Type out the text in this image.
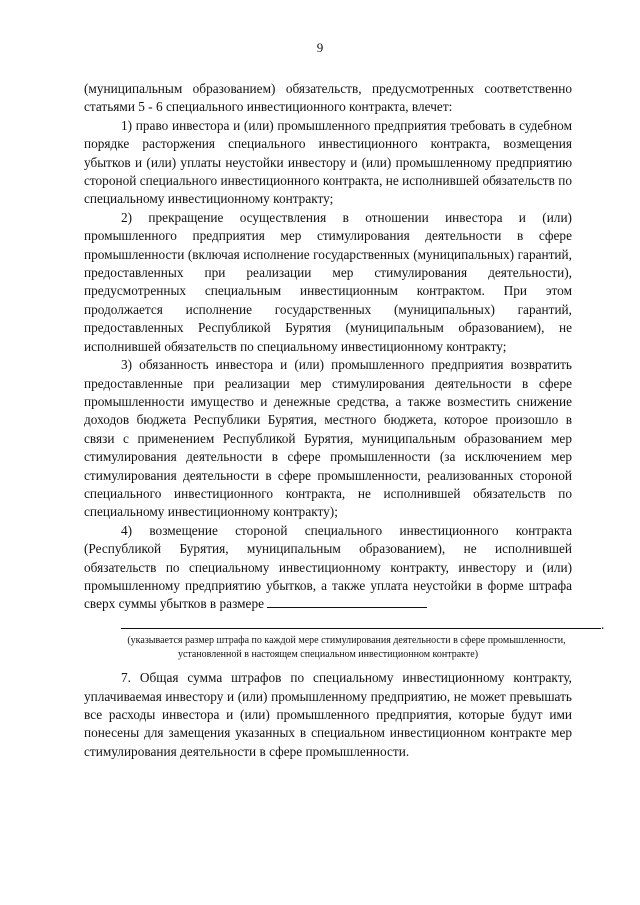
9

(муниципальным образованием) обязательств, предусмотренных соответственно статьями 5 - 6 специального инвестиционного контракта, влечет:

1) право инвестора и (или) промышленного предприятия требовать в судебном порядке расторжения специального инвестиционного контракта, возмещения убытков и (или) уплаты неустойки инвестору и (или) промышленному предприятию стороной специального инвестиционного контракта, не исполнившей обязательств по специальному инвестиционному контракту;

2) прекращение осуществления в отношении инвестора и (или) промышленного предприятия мер стимулирования деятельности в сфере промышленности (включая исполнение государственных (муниципальных) гарантий, предоставленных при реализации мер стимулирования деятельности), предусмотренных специальным инвестиционным контрактом. При этом продолжается исполнение государственных (муниципальных) гарантий, предоставленных Республикой Бурятия (муниципальным образованием), не исполнившей обязательств по специальному инвестиционному контракту;

3) обязанность инвестора и (или) промышленного предприятия возвратить предоставленные при реализации мер стимулирования деятельности в сфере промышленности имущество и денежные средства, а также возместить снижение доходов бюджета Республики Бурятия, местного бюджета, которое произошло в связи с применением Республикой Бурятия, муниципальным образованием мер стимулирования деятельности в сфере промышленности (за исключением мер стимулирования деятельности в сфере промышленности, реализованных стороной специального инвестиционного контракта, не исполнившей обязательств по специальному инвестиционному контракту);

4) возмещение стороной специального инвестиционного контракта (Республикой Бурятия, муниципальным образованием), не исполнившей обязательств по специальному инвестиционному контракту, инвестору и (или) промышленному предприятию убытков, а также уплата неустойки в форме штрафа сверх суммы убытков в размере

.

(указывается размер штрафа по каждой мере стимулирования деятельности в сфере промышленности, установленной в настоящем специальном инвестиционном контракте)

7. Общая сумма штрафов по специальному инвестиционному контракту, уплачиваемая инвестору и (или) промышленному предприятию, не может превышать все расходы инвестора и (или) промышленного предприятия, которые будут ими понесены для замещения указанных в специальном инвестиционном контракте мер стимулирования деятельности в сфере промышленности.
